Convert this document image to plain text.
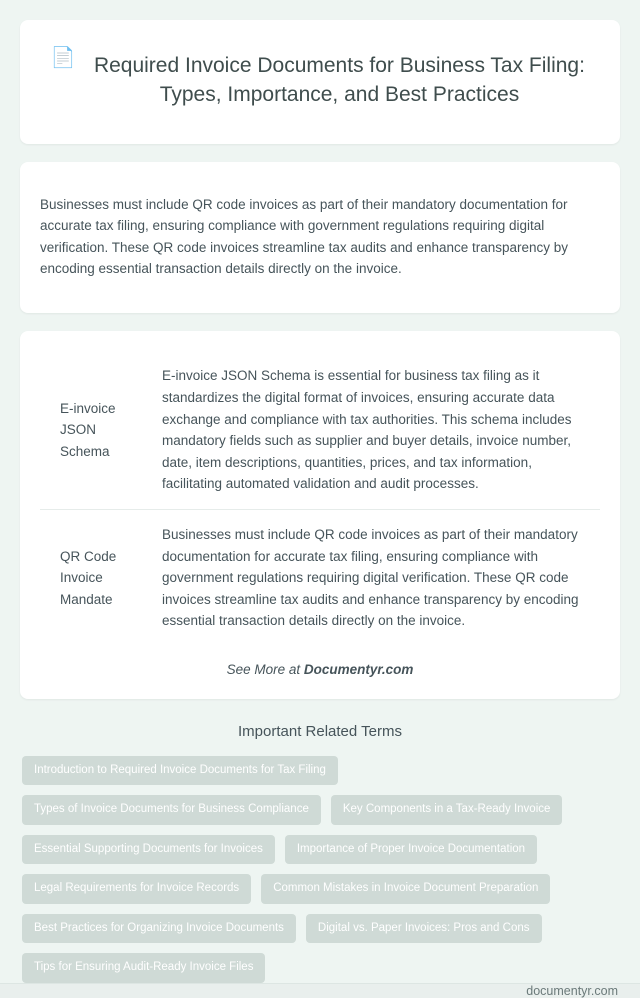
📄 Required Invoice Documents for Business Tax Filing: Types, Importance, and Best Practices

Businesses must include QR code invoices as part of their mandatory documentation for accurate tax filing, ensuring compliance with government regulations requiring digital verification. These QR code invoices streamline tax audits and enhance transparency by encoding essential transaction details directly on the invoice.

E-invoice JSON Schema	E-invoice JSON Schema is essential for business tax filing as it standardizes the digital format of invoices, ensuring accurate data exchange and compliance with tax authorities. This schema includes mandatory fields such as supplier and buyer details, invoice number, date, item descriptions, quantities, prices, and tax information, facilitating automated validation and audit processes.
QR Code Invoice Mandate	Businesses must include QR code invoices as part of their mandatory documentation for accurate tax filing, ensuring compliance with government regulations requiring digital verification. These QR code invoices streamline tax audits and enhance transparency by encoding essential transaction details directly on the invoice.
See More at Documentyr.com
Important Related Terms
Introduction to Required Invoice Documents for Tax Filing
Types of Invoice Documents for Business Compliance	Key Components in a Tax-Ready Invoice
Essential Supporting Documents for Invoices	Importance of Proper Invoice Documentation
Legal Requirements for Invoice Records	Common Mistakes in Invoice Document Preparation
Best Practices for Organizing Invoice Documents	Digital vs. Paper Invoices: Pros and Cons
Tips for Ensuring Audit-Ready Invoice Files
documentyr.com
